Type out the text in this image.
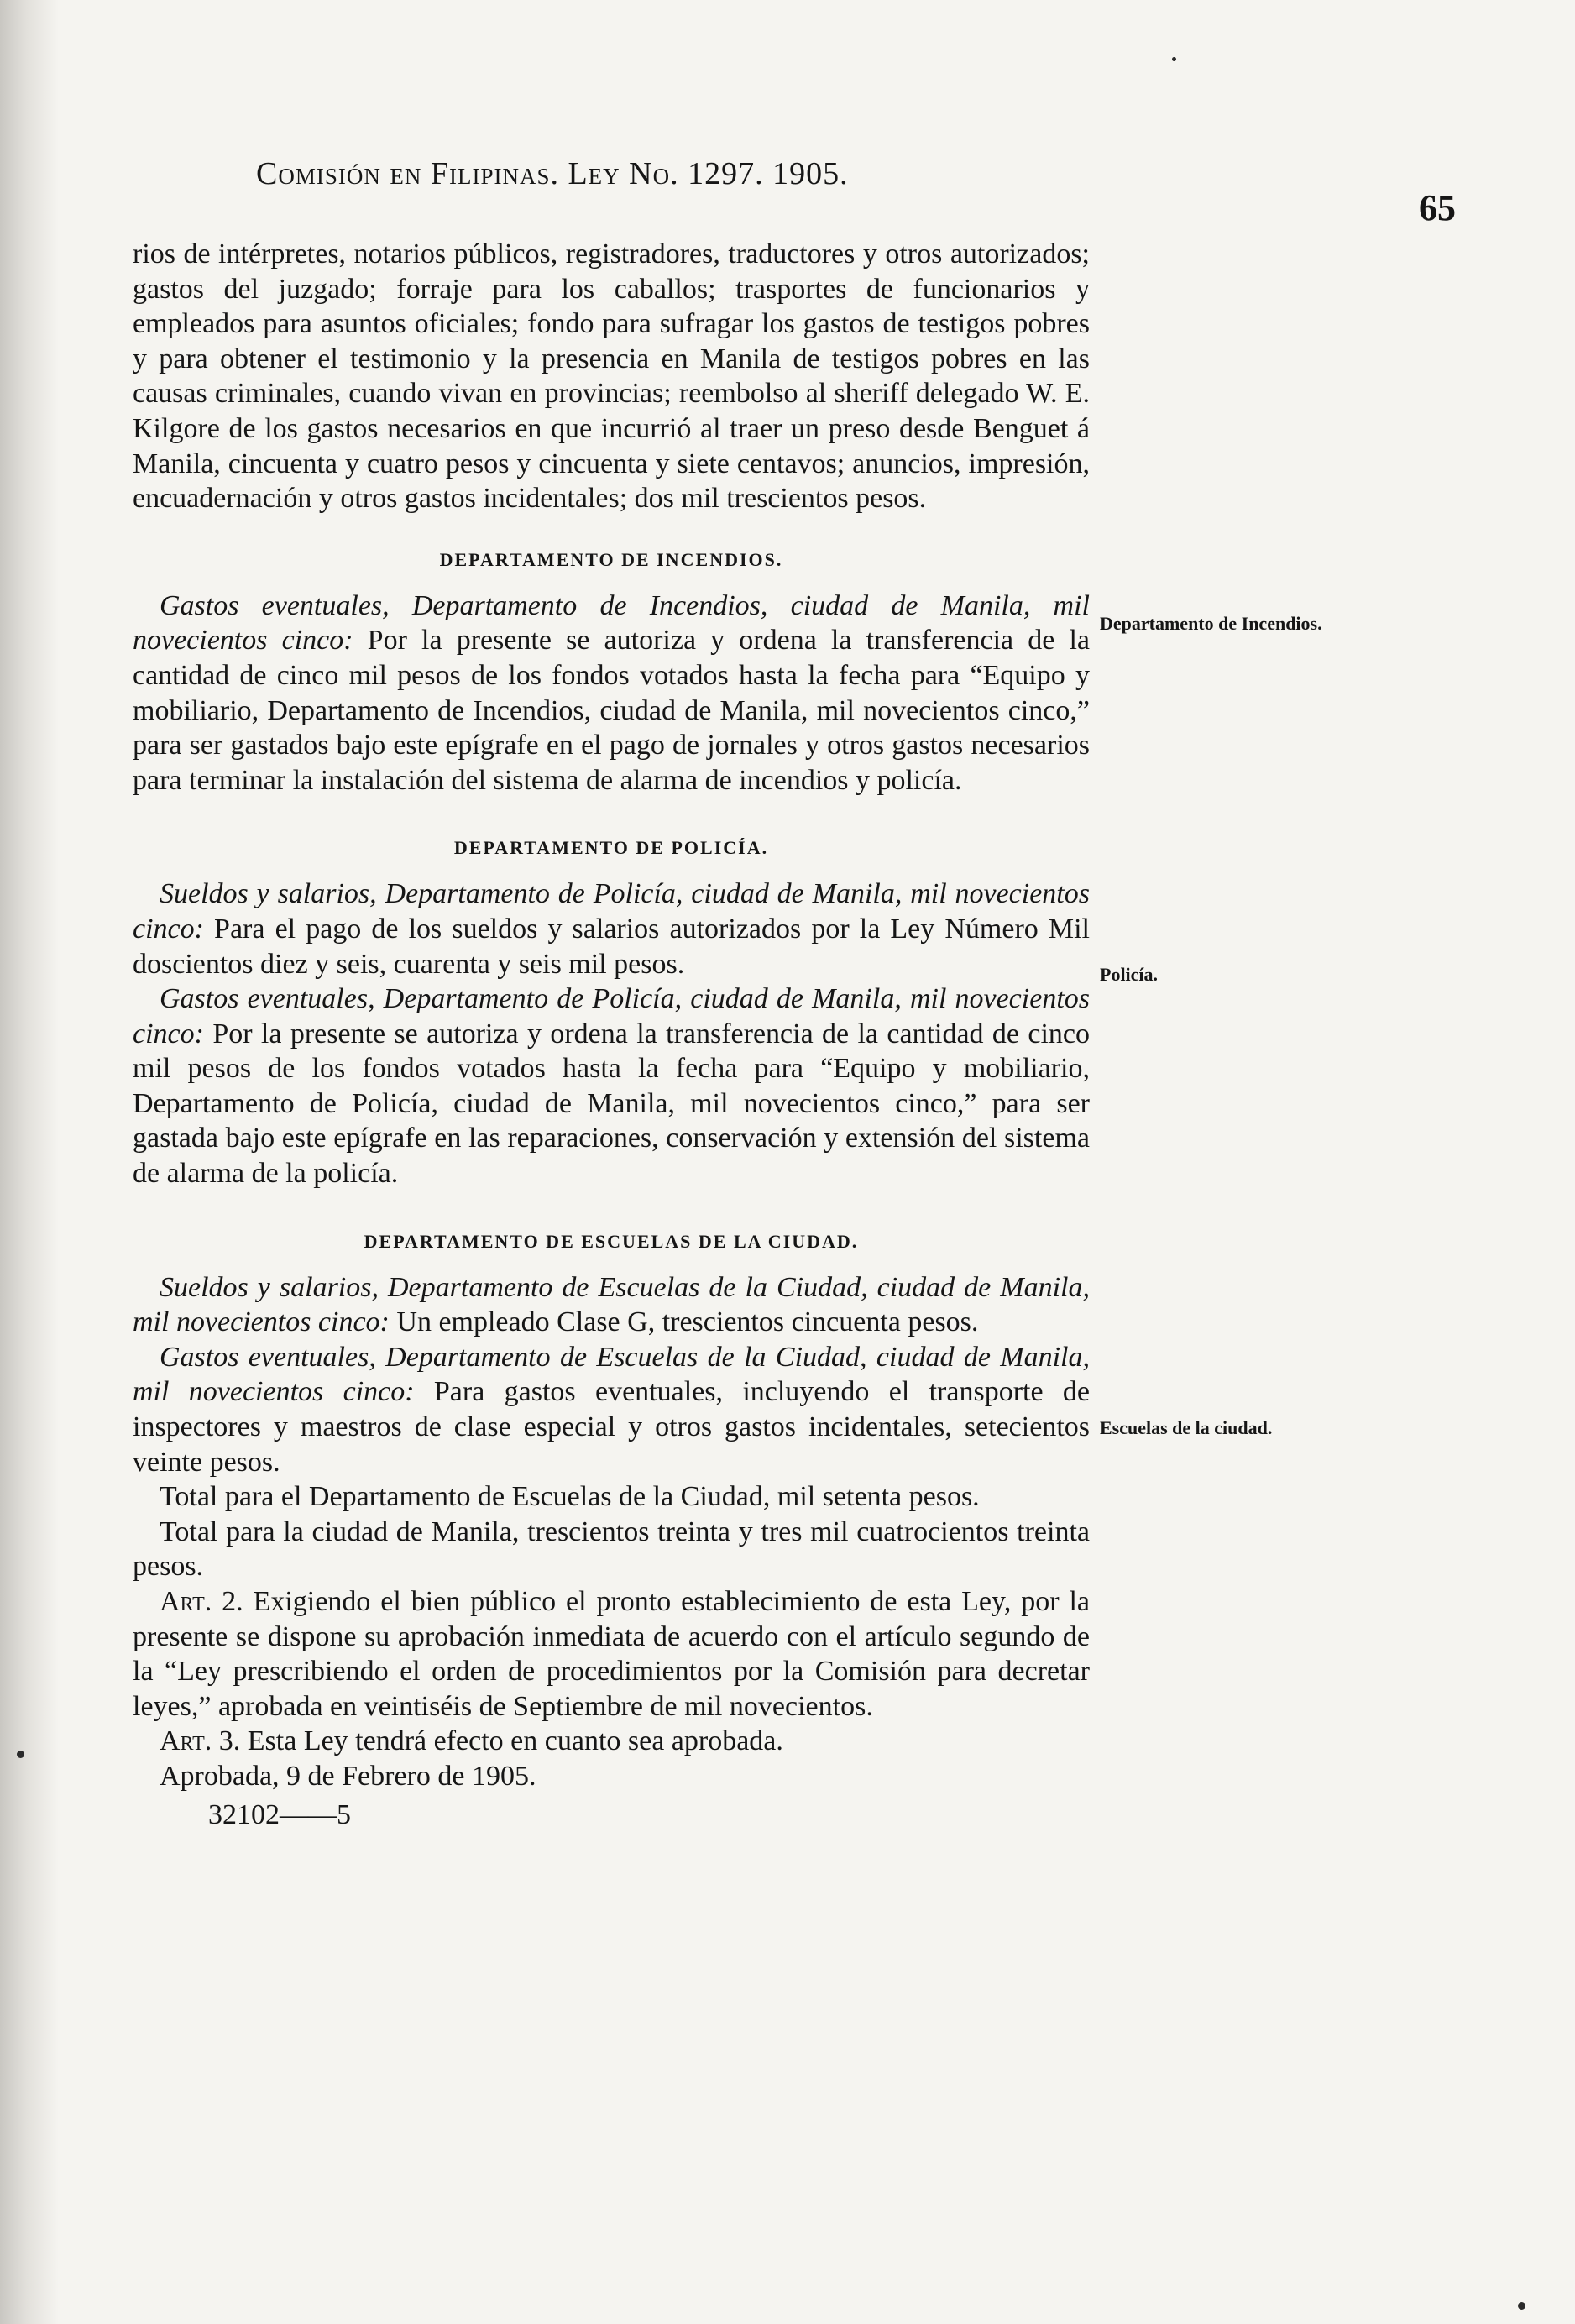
Comisión en Filipinas. Ley No. 1297. 1905.
65
Departamento de Incendios.
Policía.
Escuelas de la ciudad.

rios de intérpretes, notarios públicos, registradores, traductores y otros autorizados; gastos del juzgado; forraje para los caballos; trasportes de funcionarios y empleados para asuntos oficiales; fondo para sufragar los gastos de testigos pobres y para obtener el testimonio y la presencia en Manila de testigos pobres en las causas criminales, cuando vivan en provincias; reembolso al sheriff delegado W. E. Kilgore de los gastos necesarios en que incurrió al traer un preso desde Benguet á Manila, cincuenta y cuatro pesos y cincuenta y siete centavos; anuncios, impresión, encuadernación y otros gastos incidentales; dos mil trescientos pesos.

DEPARTAMENTO DE INCENDIOS.

Gastos eventuales, Departamento de Incendios, ciudad de Manila, mil novecientos cinco: Por la presente se autoriza y ordena la transferencia de la cantidad de cinco mil pesos de los fondos votados hasta la fecha para “Equipo y mobiliario, Departamento de Incendios, ciudad de Manila, mil novecientos cinco,” para ser gastados bajo este epígrafe en el pago de jornales y otros gastos necesarios para terminar la instalación del sistema de alarma de incendios y policía.

DEPARTAMENTO DE POLICÍA.

Sueldos y salarios, Departamento de Policía, ciudad de Manila, mil novecientos cinco: Para el pago de los sueldos y salarios autorizados por la Ley Número Mil doscientos diez y seis, cuarenta y seis mil pesos.

Gastos eventuales, Departamento de Policía, ciudad de Manila, mil novecientos cinco: Por la presente se autoriza y ordena la transferencia de la cantidad de cinco mil pesos de los fondos votados hasta la fecha para “Equipo y mobiliario, Departamento de Policía, ciudad de Manila, mil novecientos cinco,” para ser gastada bajo este epígrafe en las reparaciones, conservación y extensión del sistema de alarma de la policía.

DEPARTAMENTO DE ESCUELAS DE LA CIUDAD.

Sueldos y salarios, Departamento de Escuelas de la Ciudad, ciudad de Manila, mil novecientos cinco: Un empleado Clase G, trescientos cincuenta pesos.

Gastos eventuales, Departamento de Escuelas de la Ciudad, ciudad de Manila, mil novecientos cinco: Para gastos eventuales, incluyendo el transporte de inspectores y maestros de clase especial y otros gastos incidentales, setecientos veinte pesos.

Total para el Departamento de Escuelas de la Ciudad, mil setenta pesos.

Total para la ciudad de Manila, trescientos treinta y tres mil cuatrocientos treinta pesos.

Art. 2. Exigiendo el bien público el pronto establecimiento de esta Ley, por la presente se dispone su aprobación inmediata de acuerdo con el artículo segundo de la “Ley prescribiendo el orden de procedimientos por la Comisión para decretar leyes,” aprobada en veintiséis de Septiembre de mil novecientos.

Art. 3. Esta Ley tendrá efecto en cuanto sea aprobada.

Aprobada, 9 de Febrero de 1905.

32102——5
